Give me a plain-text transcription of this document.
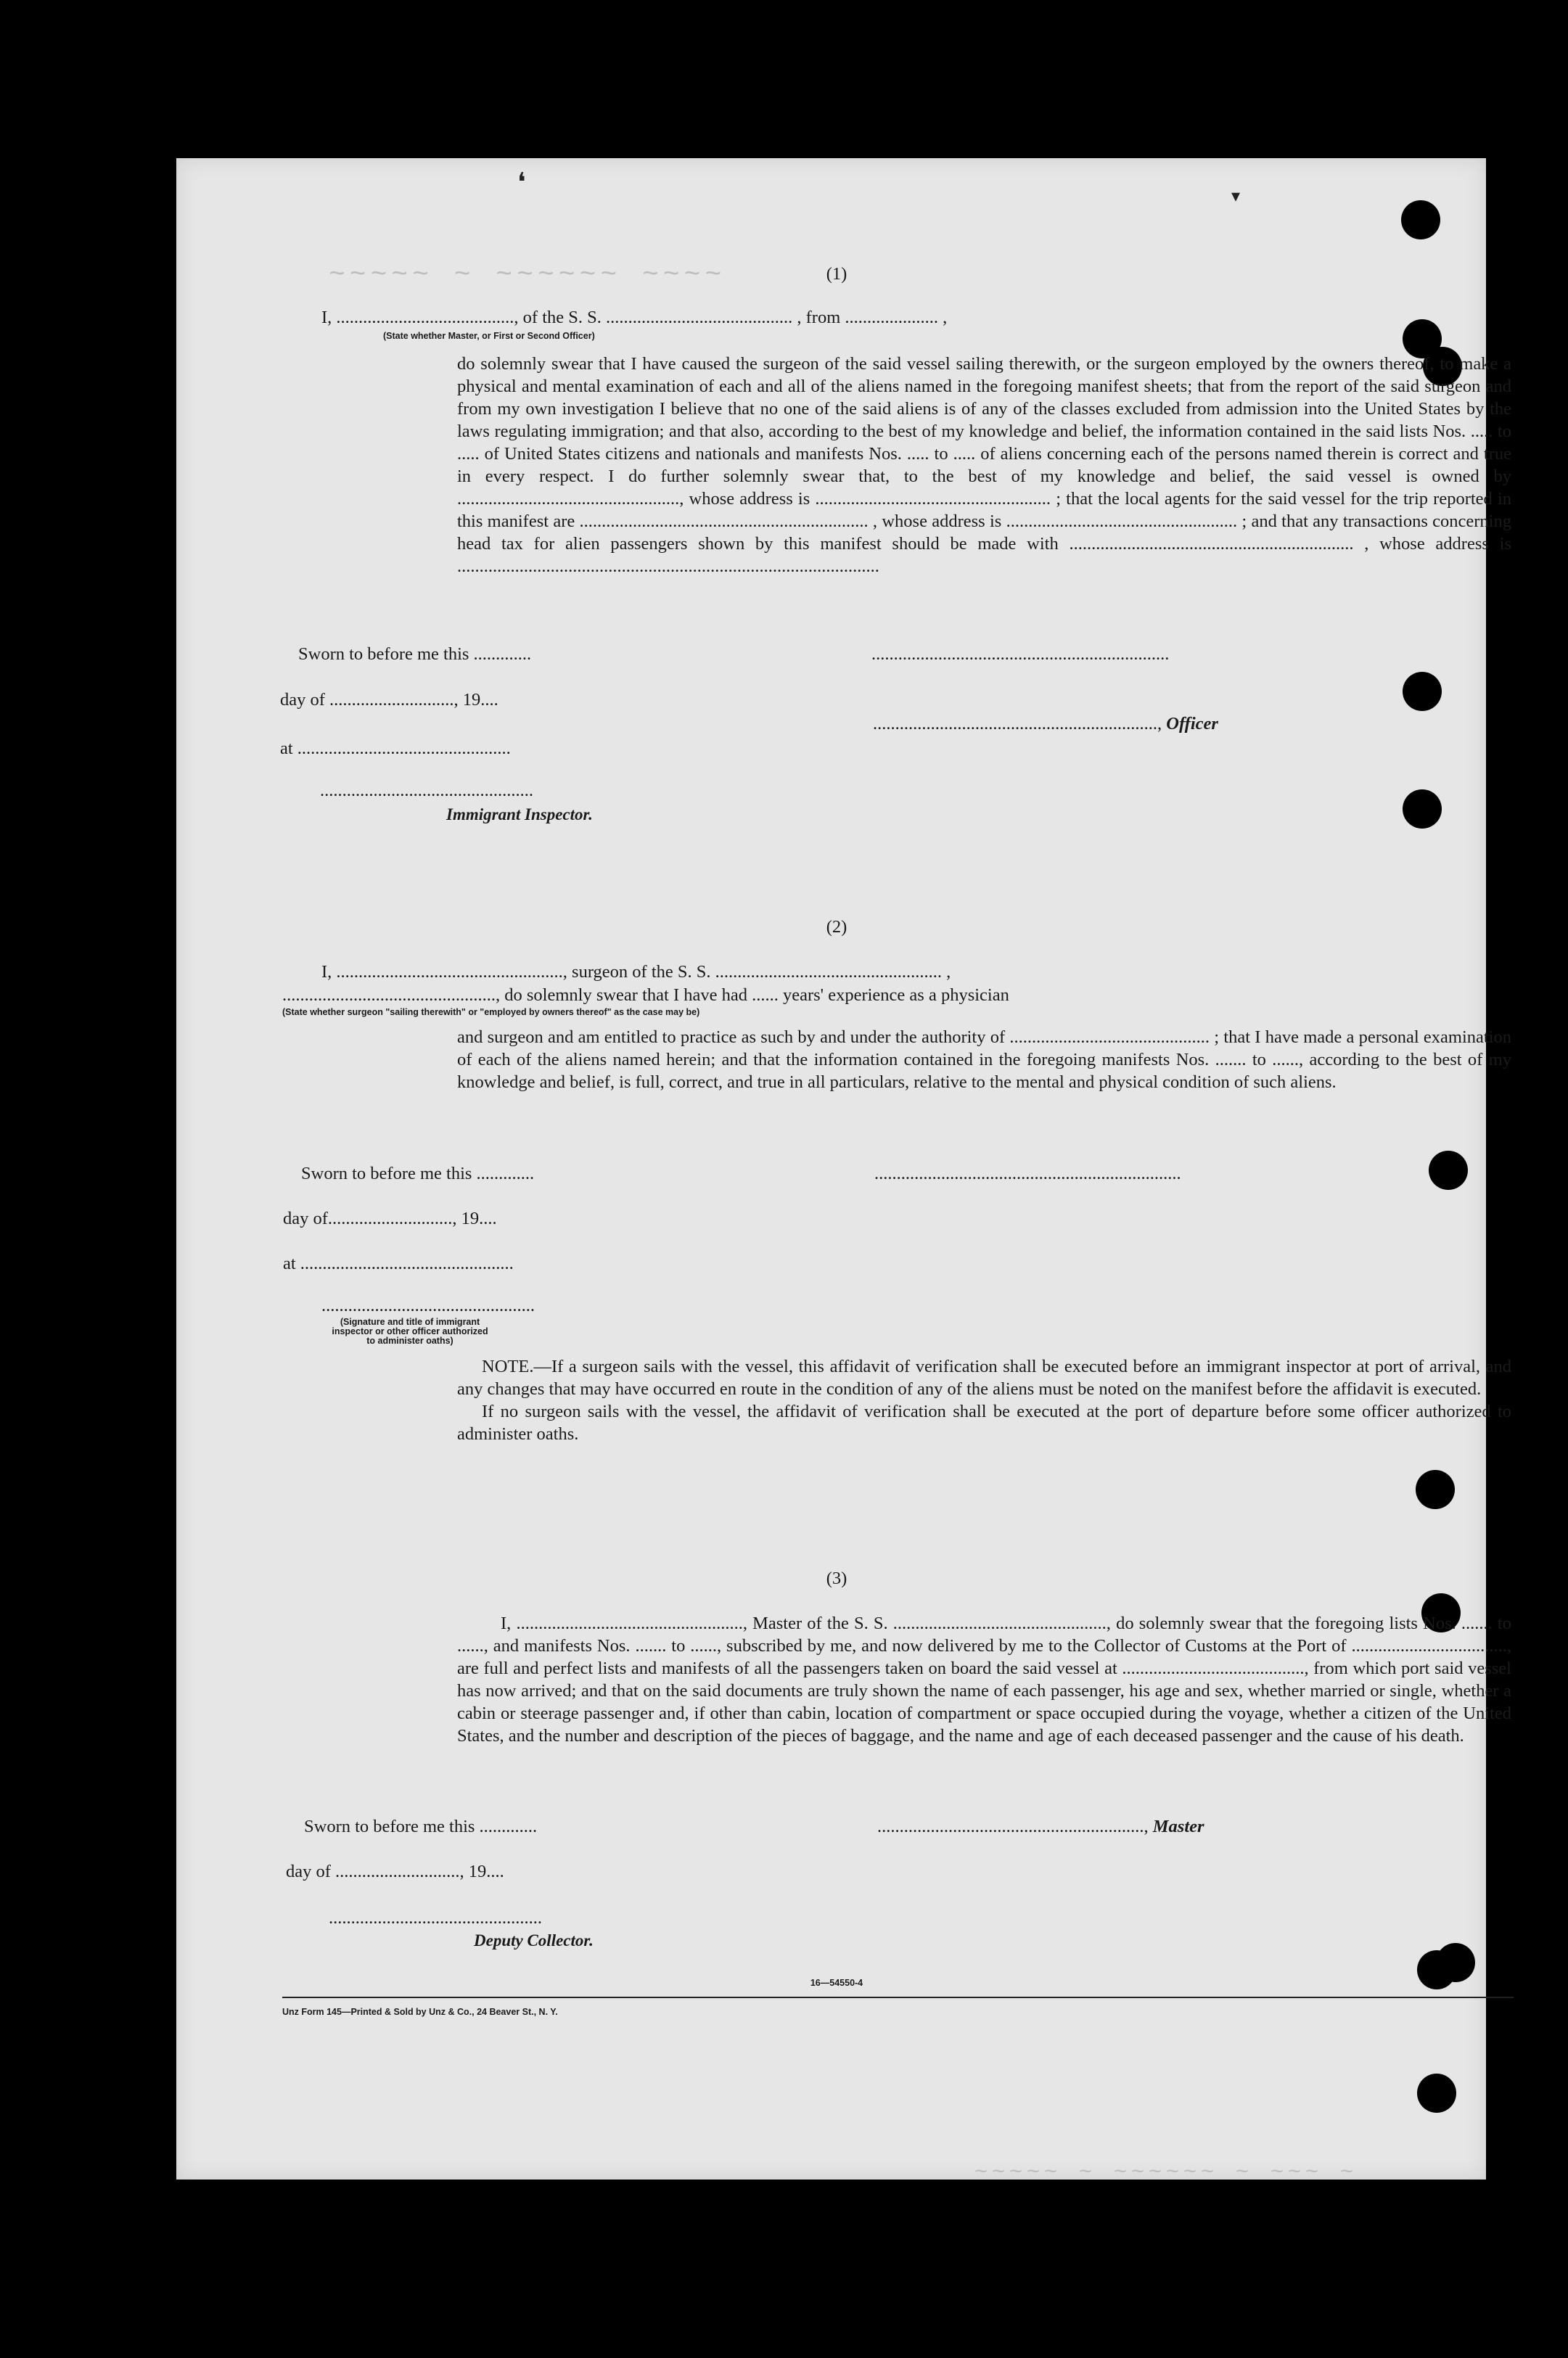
❛	▾
~~~~~ ~ ~~~~~~ ~~~~
~~~~~ ~ ~~~~~~ ~ ~~~ ~
(1)
I, ........................................, of the S. S. .......................................... , from ..................... ,
(State whether Master, or First or Second Officer)

do solemnly swear that I have caused the surgeon of the said vessel sailing therewith, or the surgeon employed by the owners thereof, to make a physical and mental examination of each and all of the aliens named in the foregoing manifest sheets; that from the report of the said surgeon and from my own investigation I believe that no one of the said aliens is of any of the classes excluded from admission into the United States by the laws regulating immigration; and that also, according to the best of my knowledge and belief, the information contained in the said lists Nos. ..... to ..... of United States citizens and nationals and manifests Nos. ..... to ..... of aliens concerning each of the persons named therein is correct and true in every respect. I do further solemnly swear that, to the best of my knowledge and belief, the said vessel is owned by .................................................., whose address is ..................................................... ; that the local agents for the said vessel for the trip reported in this manifest are ................................................................. , whose address is .................................................... ; and that any transactions concerning head tax for alien passengers shown by this manifest should be made with ................................................................ , whose address is ...............................................................................................

Sworn to before me this .............	...................................................................
day of ............................, 19....
................................................................, Officer
at ................................................
................................................
Immigrant Inspector.
(2)
I, ..................................................., surgeon of the S. S. ................................................... ,
................................................, do solemnly swear that I have had ...... years' experience as a physician
(State whether surgeon "sailing therewith" or "employed by owners thereof" as the case may be)

and surgeon and am entitled to practice as such by and under the authority of ............................................. ; that I have made a personal examination of each of the aliens named herein; and that the information contained in the foregoing manifests Nos. ....... to ......, according to the best of my knowledge and belief, is full, correct, and true in all particulars, relative to the mental and physical condition of such aliens.

Sworn to before me this .............	.....................................................................
day of............................, 19....
at ................................................
................................................
(Signature and title of immigrant inspector or other officer authorized to administer oaths)

NOTE.—If a surgeon sails with the vessel, this affidavit of verification shall be executed before an immigrant inspector at port of arrival, and any changes that may have occurred en route in the condition of any of the aliens must be noted on the manifest before the affidavit is executed.

If no surgeon sails with the vessel, the affidavit of verification shall be executed at the port of departure before some officer authorized to administer oaths.

(3)

I, ..................................................., Master of the S. S. ................................................, do solemnly swear that the foregoing lists Nos. ....... to ......, and manifests Nos. ....... to ......, subscribed by me, and now delivered by me to the Collector of Customs at the Port of ..................................., are full and perfect lists and manifests of all the passengers taken on board the said vessel at ........................................., from which port said vessel has now arrived; and that on the said documents are truly shown the name of each passenger, his age and sex, whether married or single, whether a cabin or steerage passenger and, if other than cabin, location of compartment or space occupied during the voyage, whether a citizen of the United States, and the number and description of the pieces of baggage, and the name and age of each deceased passenger and the cause of his death.

Sworn to before me this .............	............................................................, Master
day of ............................, 19....
................................................
Deputy Collector.
16—54550-4
Unz Form 145—Printed & Sold by Unz & Co., 24 Beaver St., N. Y.
